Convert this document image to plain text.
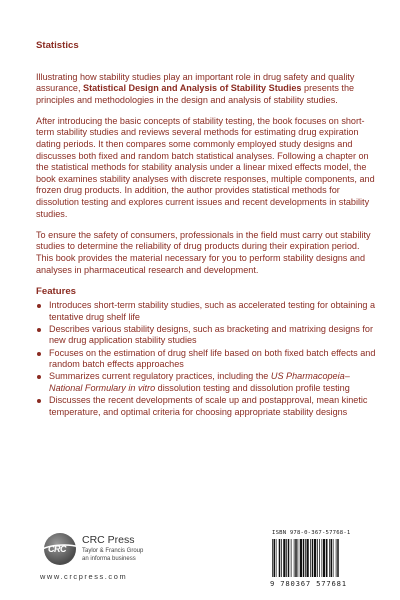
Statistics

Illustrating how stability studies play an important role in drug safety and quality assurance, Statistical Design and Analysis of Stability Studies presents the principles and methodologies in the design and analysis of stability studies.

After introducing the basic concepts of stability testing, the book focuses on short-term stability studies and reviews several methods for estimating drug expiration dating periods. It then compares some commonly employed study designs and discusses both fixed and random batch statistical analyses. Following a chapter on the statistical methods for stability analysis under a linear mixed effects model, the book examines stability analyses with discrete responses, multiple components, and frozen drug products. In addition, the author provides statistical methods for dissolution testing and explores current issues and recent developments in stability studies.

To ensure the safety of consumers, professionals in the field must carry out stability studies to determine the reliability of drug products during their expiration period. This book provides the material necessary for you to perform stability designs and analyses in pharmaceutical research and development.

Features
Introduces short-term stability studies, such as accelerated testing for obtaining a tentative drug shelf life
Describes various stability designs, such as bracketing and matrixing designs for new drug application stability studies
Focuses on the estimation of drug shelf life based on both fixed batch effects and random batch effects approaches
Summarizes current regulatory practices, including the US Pharmacopeia–National Formulary in vitro dissolution testing and dissolution profile testing
Discusses the recent developments of scale up and postapproval, mean kinetic temperature, and optimal criteria for choosing appropriate stability designs
CRC
CRC Press
Taylor & Francis Group
an informa business
www.crcpress.com
ISBN 978-0-367-57768-1
9 780367 577681
